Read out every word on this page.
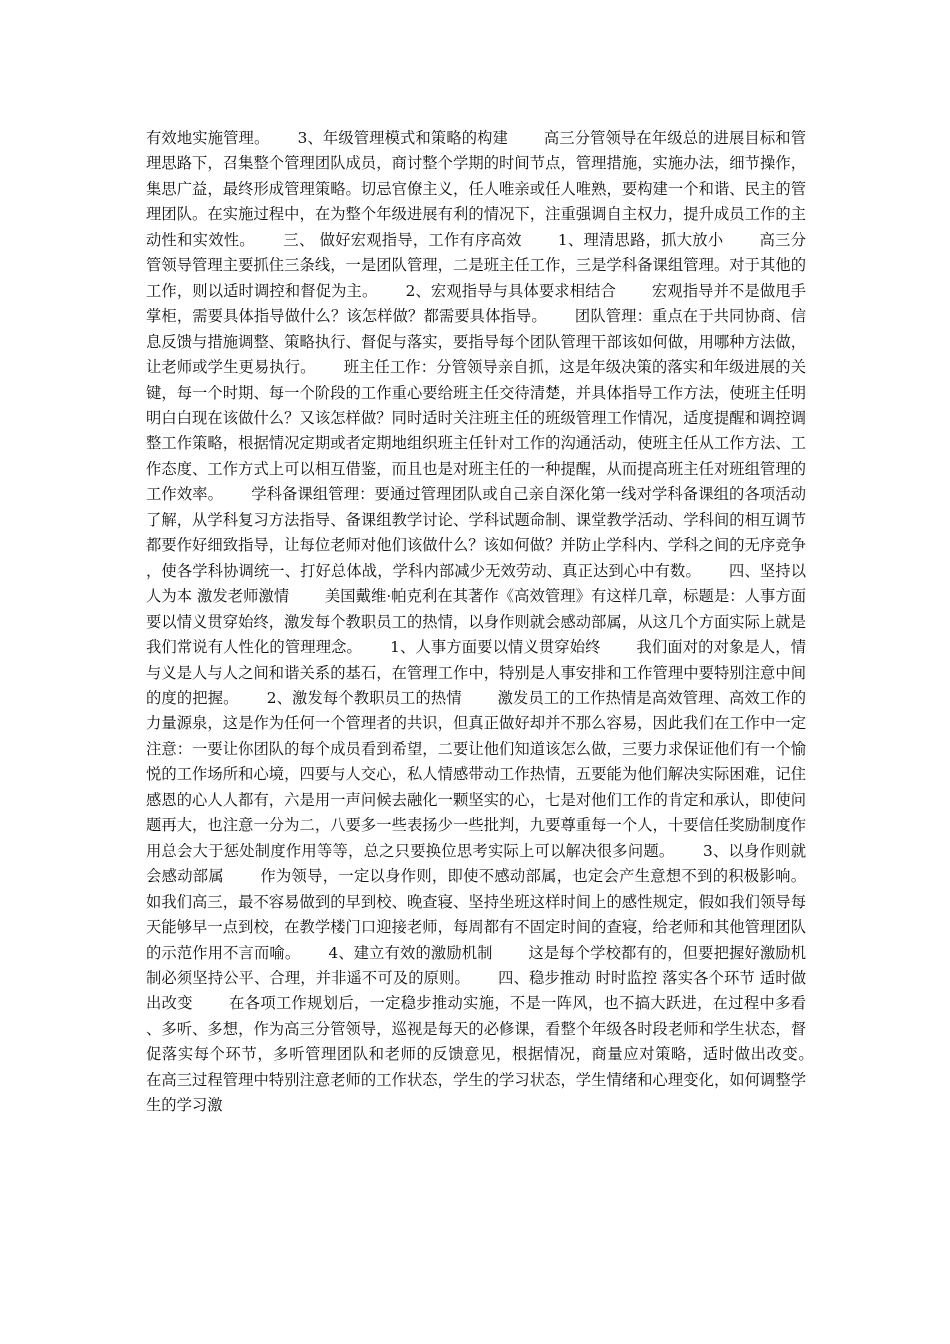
有效地实施管理。　　 3、年级管理模式和策略的构建　　 高三分管领导在年级总的进展目标和管理思路下，召集整个管理团队成员，商讨整个学期的时间节点，管理措施，实施办法，细节操作，集思广益，最终形成管理策略。切忌官僚主义，任人唯亲或任人唯熟，要构建一个和谐、民主的管理团队。在实施过程中，在为整个年级进展有利的情况下，注重强调自主权力，提升成员工作的主动性和实效性。　　 三、 做好宏观指导，工作有序高效　　 1、理清思路，抓大放小　　 高三分管领导管理主要抓住三条线，一是团队管理，二是班主任工作，三是学科备课组管理。对于其他的工作，则以适时调控和督促为主。　　 2、宏观指导与具体要求相结合　　 宏观指导并不是做甩手掌柜，需要具体指导做什么？该怎样做？都需要具体指导。　　 团队管理：重点在于共同协商、信息反馈与措施调整、策略执行、督促与落实，要指导每个团队管理干部该如何做，用哪种方法做，让老师或学生更易执行。　　 班主任工作：分管领导亲自抓，这是年级决策的落实和年级进展的关键，每一个时期、每一个阶段的工作重心要给班主任交待清楚，并具体指导工作方法，使班主任明明白白现在该做什么？又该怎样做？同时适时关注班主任的班级管理工作情况，适度提醒和调控调整工作策略，根据情况定期或者定期地组织班主任针对工作的沟通活动，使班主任从工作方法、工作态度、工作方式上可以相互借鉴，而且也是对班主任的一种提醒，从而提高班主任对班组管理的工作效率。　　 学科备课组管理：要通过管理团队或自己亲自深化第一线对学科备课组的各项活动了解，从学科复习方法指导、备课组教学讨论、学科试题命制、课堂教学活动、学科间的相互调节都要作好细致指导，让每位老师对他们该做什么？该如何做？并防止学科内、学科之间的无序竞争，使各学科协调统一、打好总体战，学科内部减少无效劳动、真正达到心中有数。　　 四、坚持以人为本 激发老师激情　　 美国戴维·帕克利在其著作《高效管理》有这样几章，标题是：人事方面要以情义贯穿始终，激发每个教职员工的热情，以身作则就会感动部属，从这几个方面实际上就是我们常说有人性化的管理理念。　　 1、人事方面要以情义贯穿始终　　 我们面对的对象是人，情与义是人与人之间和谐关系的基石，在管理工作中，特别是人事安排和工作管理中要特别注意中间的度的把握。　　 2、激发每个教职员工的热情　　 激发员工的工作热情是高效管理、高效工作的力量源泉，这是作为任何一个管理者的共识，但真正做好却并不那么容易，因此我们在工作中一定注意：一要让你团队的每个成员看到希望，二要让他们知道该怎么做，三要力求保证他们有一个愉悦的工作场所和心境，四要与人交心，私人情感带动工作热情，五要能为他们解决实际困难，记住感恩的心人人都有，六是用一声问候去融化一颗坚实的心，七是对他们工作的肯定和承认，即使问题再大，也注意一分为二，八要多一些表扬少一些批判，九要尊重每一个人，十要信任奖励制度作用总会大于惩处制度作用等等，总之只要换位思考实际上可以解决很多问题。　　 3、以身作则就会感动部属　　 作为领导，一定以身作则，即使不感动部属，也定会产生意想不到的积极影响。如我们高三，最不容易做到的早到校、晚查寝、坚持坐班这样时间上的感性规定，假如我们领导每天能够早一点到校，在教学楼门口迎接老师，每周都有不固定时间的查寝，给老师和其他管理团队的示范作用不言而喻。　　 4、建立有效的激励机制　　 这是每个学校都有的，但要把握好激励机制必须坚持公平、合理，并非遥不可及的原则。　　 四、稳步推动 时时监控 落实各个环节 适时做出改变　　 在各项工作规划后，一定稳步推动实施，不是一阵风，也不搞大跃进，在过程中多看、多听、多想，作为高三分管领导，巡视是每天的必修课，看整个年级各时段老师和学生状态，督促落实每个环节，多听管理团队和老师的反馈意见，根据情况，商量应对策略，适时做出改变。　　 在高三过程管理中特别注意老师的工作状态，学生的学习状态，学生情绪和心理变化，如何调整学生的学习激
